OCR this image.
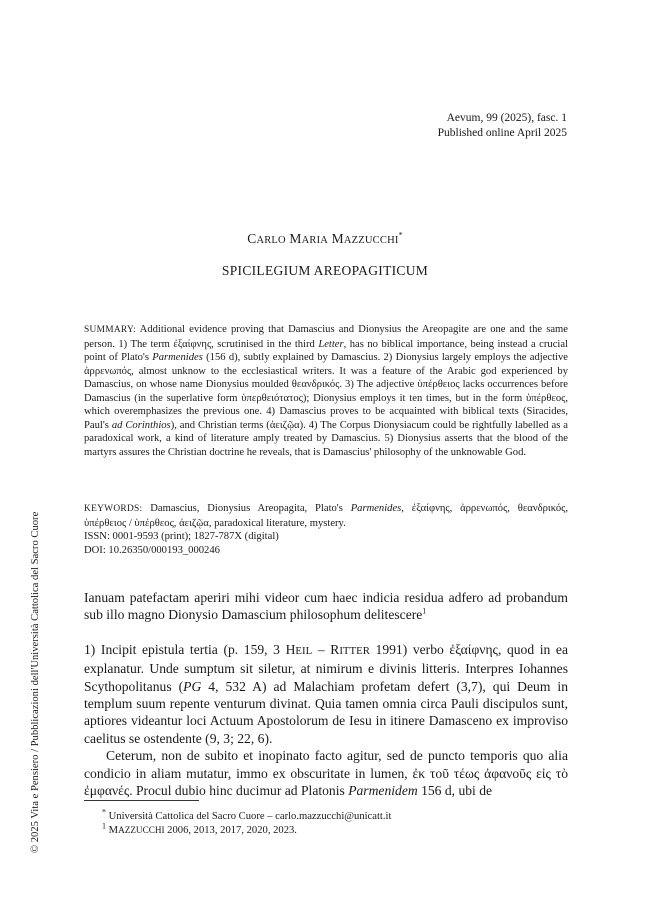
Aevum, 99 (2025), fasc. 1
Published online April 2025
CARLO MARIA MAZZUCCHI*
SPICILEGIUM AREOPAGITICUM
SUMMARY: Additional evidence proving that Damascius and Dionysius the Areopagite are one and the same person. 1) The term ἐξαίφνης, scrutinised in the third Letter, has no biblical importance, being instead a crucial point of Plato's Parmenides (156 d), subtly explained by Damascius. 2) Dionysius largely employs the adjective ἀρρενωπός, almost unknow to the ecclesiastical writers. It was a feature of the Arabic god experienced by Damascius, on whose name Dionysius moulded θεανδρικός. 3) The adjective ὑπέρθειος lacks occurrences before Damascius (in the superlative form ὑπερθειότατος); Dionysius employs it ten times, but in the form ὑπέρθεος, which overemphasizes the previous one. 4) Damascius proves to be acquainted with biblical texts (Siracides, Paul's ad Corinthios), and Christian terms (ἀειζῷα). 4) The Corpus Dionysiacum could be rightfully labelled as a paradoxical work, a kind of literature amply treated by Damascius. 5) Dionysius asserts that the blood of the martyrs assures the Christian doctrine he reveals, that is Damascius' philosophy of the unknowable God.
KEYWORDS: Damascius, Dionysius Areopagita, Plato's Parmenides, ἐξαίφνης, ἀρρενωπός, θεανδρικός, ὑπέρθειος / ὑπέρθεος, ἀειζῷα, paradoxical literature, mystery.
ISSN: 0001-9593 (print); 1827-787X (digital)
DOI: 10.26350/000193_000246

Ianuam patefactam aperiri mihi videor cum haec indicia residua adfero ad probandum sub illo magno Dionysio Damascium philosophum delitescere$^1$

1) Incipit epistula tertia (p. 159, 3 HEIL – RITTER 1991) verbo ἐξαίφνης, quod in ea explanatur. Unde sumptum sit siletur, at nimirum e divinis litteris. Interpres Iohannes Scythopolitanus (PG 4, 532 A) ad Malachiam profetam defert (3,7), qui Deum in templum suum repente venturum divinat. Quia tamen omnia circa Pauli discipulos sunt, aptiores videantur loci Actuum Apostolorum de Iesu in itinere Damasceno ex improviso caelitus se ostendente (9, 3; 22, 6).

Ceterum, non de subito et inopinato facto agitur, sed de puncto temporis quo alia condicio in aliam mutatur, immo ex obscuritate in lumen, ἐκ τοῦ τέως ἀφανοῦς εἰς τὸ ἐμφανές. Procul dubio hinc ducimur ad Platonis Parmenidem 156 d, ubi de

* Università Cattolica del Sacro Cuore – carlo.mazzucchi@unicatt.it
$^1$ MAZZUCCHI 2006, 2013, 2017, 2020, 2023.
© 2025 Vita e Pensiero / Pubblicazioni dell'Università Cattolica del Sacro Cuore
